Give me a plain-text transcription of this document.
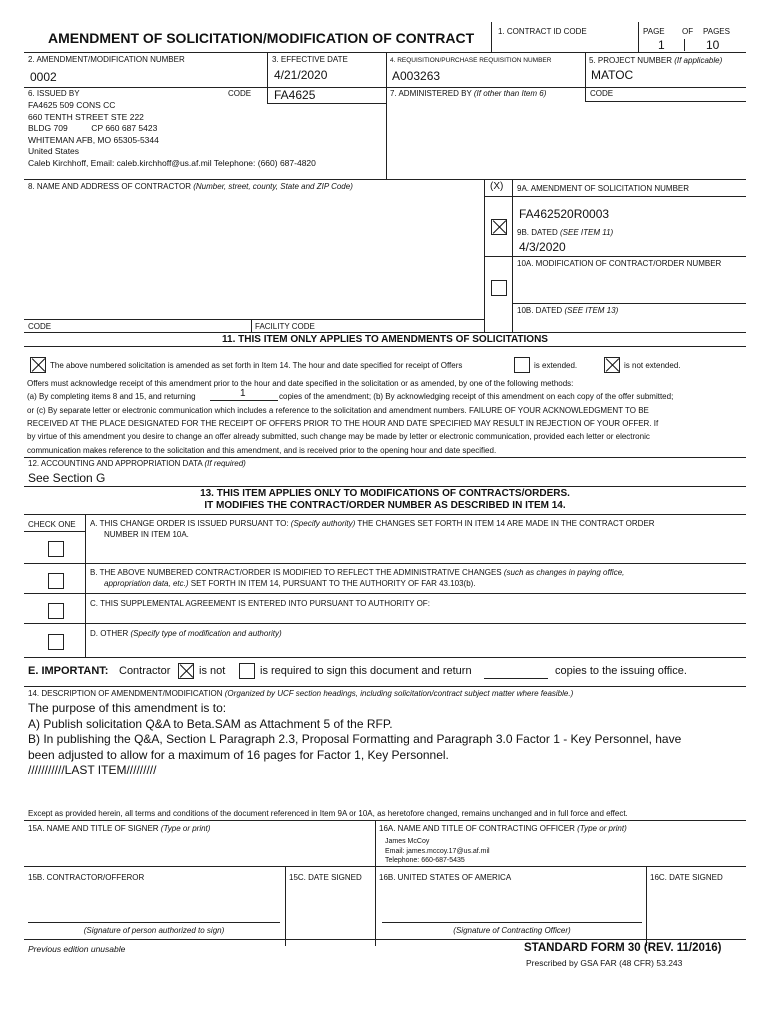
AMENDMENT OF SOLICITATION/MODIFICATION OF CONTRACT	1. CONTRACT ID CODE	PAGE OF PAGES
1	10
2. AMENDMENT/MODIFICATION NUMBER
0002
3. EFFECTIVE DATE
4/21/2020
4. REQUISITION/PURCHASE REQUISITION NUMBER
A003263
5. PROJECT NUMBER (If applicable)
MATOC
6. ISSUED BY	CODE FA4625	7. ADMINISTERED BY (If other than Item 6)	CODE
FA4625 509 CONS CC
660 TENTH STREET STE 222
BLDG 709          CP 660 687 5423
WHITEMAN AFB, MO 65305-5344
United States
Caleb Kirchhoff, Email: caleb.kirchhoff@us.af.mil Telephone: (660) 687-4820
8. NAME AND ADDRESS OF CONTRACTOR (Number, street, county, State and ZIP Code)	(X) 9A. AMENDMENT OF SOLICITATION NUMBER
FA462520R0003
9B. DATED (SEE ITEM 11)
4/3/2020
10A. MODIFICATION OF CONTRACT/ORDER NUMBER
10B. DATED (SEE ITEM 13)
CODE	FACILITY CODE
11. THIS ITEM ONLY APPLIES TO AMENDMENTS OF SOLICITATIONS
The above numbered solicitation is amended as set forth in Item 14. The hour and date specified for receipt of Offers	is extended.	is not extended.
Offers must acknowledge receipt of this amendment prior to the hour and date specified in the solicitation or as amended, by one of the following methods:
(a) By completing items 8 and 15, and returning	1	copies of the amendment; (b) By acknowledging receipt of this amendment on each copy of the offer submitted;
or (c) By separate letter or electronic communication which includes a reference to the solicitation and amendment numbers. FAILURE OF YOUR ACKNOWLEDGMENT TO BE
RECEIVED AT THE PLACE DESIGNATED FOR THE RECEIPT OF OFFERS PRIOR TO THE HOUR AND DATE SPECIFIED MAY RESULT IN REJECTION OF YOUR OFFER. If
by virtue of this amendment you desire to change an offer already submitted, such change may be made by letter or electronic communication, provided each letter or electronic
communication makes reference to the solicitation and this amendment, and is received prior to the opening hour and date specified.
12. ACCOUNTING AND APPROPRIATION DATA (If required)
See Section G
13. THIS ITEM APPLIES ONLY TO MODIFICATIONS OF CONTRACTS/ORDERS.
IT MODIFIES THE CONTRACT/ORDER NUMBER AS DESCRIBED IN ITEM 14.
CHECK ONE A. THIS CHANGE ORDER IS ISSUED PURSUANT TO: (Specify authority) THE CHANGES SET FORTH IN ITEM 14 ARE MADE IN THE CONTRACT ORDER
NUMBER IN ITEM 10A.
B. THE ABOVE NUMBERED CONTRACT/ORDER IS MODIFIED TO REFLECT THE ADMINISTRATIVE CHANGES (such as changes in paying office,
appropriation data, etc.) SET FORTH IN ITEM 14, PURSUANT TO THE AUTHORITY OF FAR 43.103(b).
C. THIS SUPPLEMENTAL AGREEMENT IS ENTERED INTO PURSUANT TO AUTHORITY OF:
D. OTHER (Specify type of modification and authority)
E. IMPORTANT: Contractor	is not	is required to sign this document and return	copies to the issuing office.
14. DESCRIPTION OF AMENDMENT/MODIFICATION (Organized by UCF section headings, including solicitation/contract subject matter where feasible.)
The purpose of this amendment is to:
A) Publish solicitation Q&A to Beta.SAM as Attachment 5 of the RFP.
B) In publishing the Q&A, Section L Paragraph 2.3, Proposal Formatting and Paragraph 3.0 Factor 1 - Key Personnel, have
been adjusted to allow for a maximum of 16 pages for Factor 1, Key Personnel.
///////////LAST ITEM/////////
Except as provided herein, all terms and conditions of the document referenced in Item 9A or 10A, as heretofore changed, remains unchanged and in full force and effect.
15A. NAME AND TITLE OF SIGNER (Type or print)	16A. NAME AND TITLE OF CONTRACTING OFFICER (Type or print)
James McCoy
Email: james.mccoy.17@us.af.mil
Telephone: 660-687-5435
15B. CONTRACTOR/OFFEROR	15C. DATE SIGNED 16B. UNITED STATES OF AMERICA	16C. DATE SIGNED
(Signature of person authorized to sign)	(Signature of Contracting Officer)
Previous edition unusable	STANDARD FORM 30 (REV. 11/2016)
Prescribed by GSA FAR (48 CFR) 53.243
